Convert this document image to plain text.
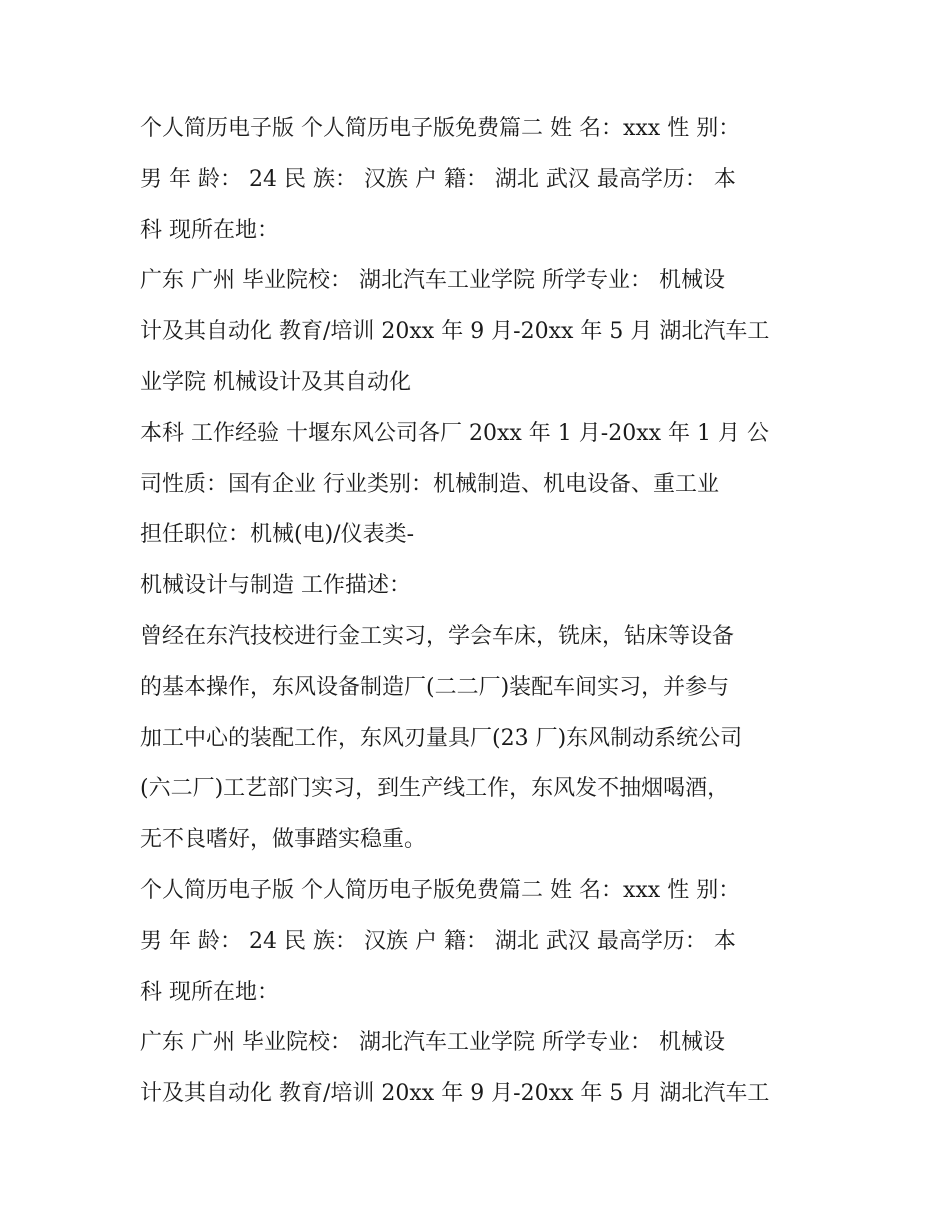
个人简历电子版 个人简历电子版免费篇二 姓 名：xxx 性 别：
男 年 龄： 24 民 族： 汉族 户 籍： 湖北 武汉 最高学历： 本
科 现所在地：
广东 广州 毕业院校： 湖北汽车工业学院 所学专业： 机械设
计及其自动化 教育/培训 20xx 年 9 月-20xx 年 5 月 湖北汽车工
业学院 机械设计及其自动化
本科 工作经验 十堰东风公司各厂 20xx 年 1 月-20xx 年 1 月 公
司性质：国有企业 行业类别：机械制造、机电设备、重工业
担任职位：机械(电)/仪表类-
机械设计与制造 工作描述：
曾经在东汽技校进行金工实习，学会车床，铣床，钻床等设备
的基本操作，东风设备制造厂(二二厂)装配车间实习，并参与
加工中心的装配工作，东风刃量具厂(23 厂)东风制动系统公司
(六二厂)工艺部门实习，到生产线工作，东风发不抽烟喝酒，
无不良嗜好，做事踏实稳重。
个人简历电子版 个人简历电子版免费篇二 姓 名：xxx 性 别：
男 年 龄： 24 民 族： 汉族 户 籍： 湖北 武汉 最高学历： 本
科 现所在地：
广东 广州 毕业院校： 湖北汽车工业学院 所学专业： 机械设
计及其自动化 教育/培训 20xx 年 9 月-20xx 年 5 月 湖北汽车工
